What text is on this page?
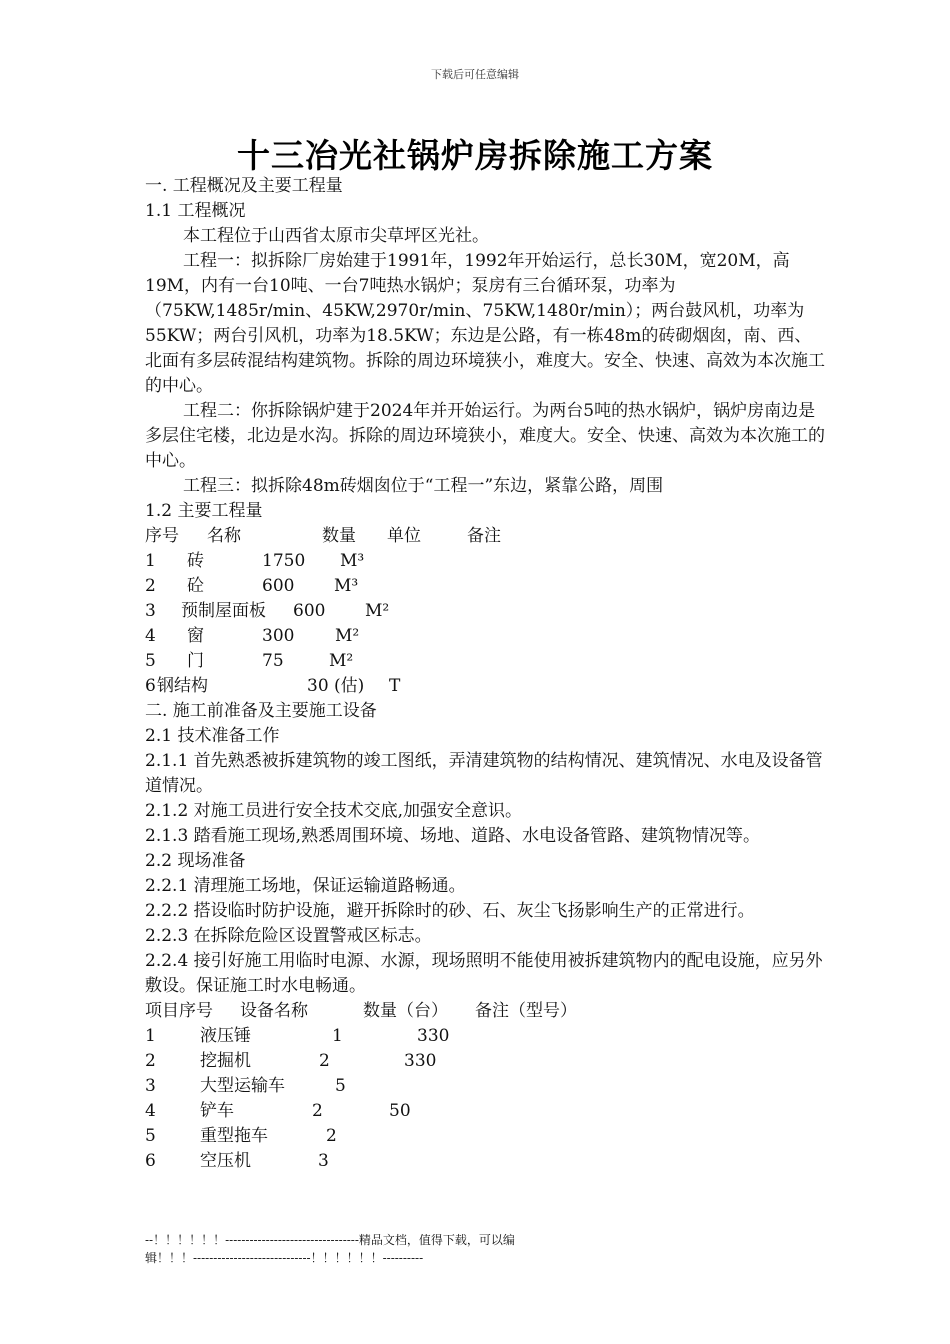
下载后可任意编辑
十三冶光社锅炉房拆除施工方案
一. 工程概况及主要工程量
1.1 工程概况
本工程位于山西省太原市尖草坪区光社。
工程一：拟拆除厂房始建于1991年，1992年开始运行，总长30M，宽20M，高19M，内有一台10吨、一台7吨热水锅炉；泵房有三台循环泵，功率为（75KW,1485r/min、45KW,2970r/min、75KW,1480r/min）；两台鼓风机，功率为55KW；两台引风机，功率为18.5KW；东边是公路，有一栋48m的砖砌烟囱，南、西、北面有多层砖混结构建筑物。拆除的周边环境狭小，难度大。安全、快速、高效为本次施工的中心。
工程二：你拆除锅炉建于2024年并开始运行。为两台5吨的热水锅炉，锅炉房南边是多层住宅楼，北边是水沟。拆除的周边环境狭小，难度大。安全、快速、高效为本次施工的中心。
工程三：拟拆除48m砖烟囱位于“工程一”东边，紧靠公路，周围
1.2 主要工程量
序号	名称	数量	单位	备注
1	砖	1750	M³
2	砼	600	M³
3	预制屋面板	600	M²
4	窗	300	M²
5	门	75	M²
6 钢结构	30 (估)	T
二. 施工前准备及主要施工设备
2.1 技术准备工作
2.1.1 首先熟悉被拆建筑物的竣工图纸，弄清建筑物的结构情况、建筑情况、水电及设备管道情况。
2.1.2 对施工员进行安全技术交底,加强安全意识。
2.1.3 踏看施工现场,熟悉周围环境、场地、道路、水电设备管路、建筑物情况等。
2.2 现场准备
2.2.1 清理施工场地，保证运输道路畅通。
2.2.2 搭设临时防护设施，避开拆除时的砂、石、灰尘飞扬影响生产的正常进行。
2.2.3 在拆除危险区设置警戒区标志。
2.2.4 接引好施工用临时电源、水源，现场照明不能使用被拆建筑物内的配电设施，应另外敷设。保证施工时水电畅通。
项目序号	设备名称	数量（台）	备注（型号）
1	液压锤	1	330
2	挖掘机	2	330
3	大型运输车	5
4	铲车	2	50
5	重型拖车	2
6	空压机	3
--！！！！！！---------------------------------精品文档，值得下载，可以编
辑！！！-----------------------------！！！！！！----------
